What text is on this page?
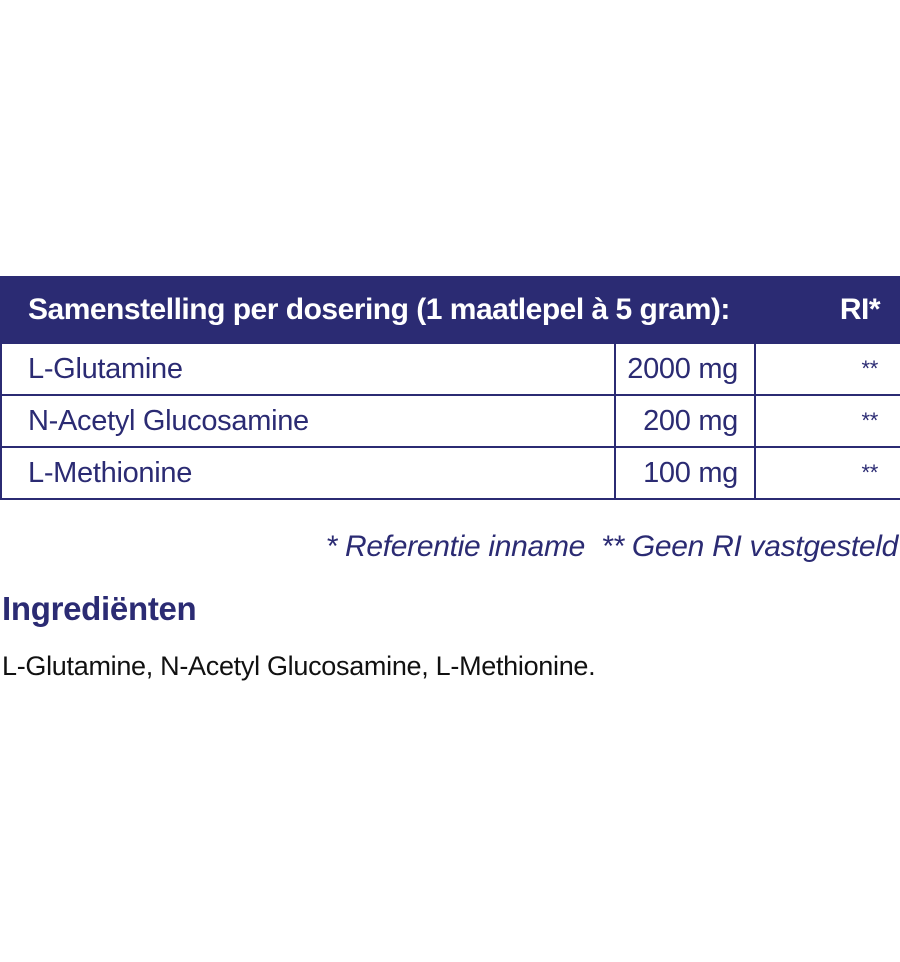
Samenstelling per dosering (1 maatlepel à 5 gram):		RI*
L-Glutamine	2000 mg	**
N-Acetyl Glucosamine	200 mg	**
L-Methionine	100 mg	**
* Referentie inname  ** Geen RI vastgesteld
Ingrediënten

L-Glutamine, N-Acetyl Glucosamine, L-Methionine.
